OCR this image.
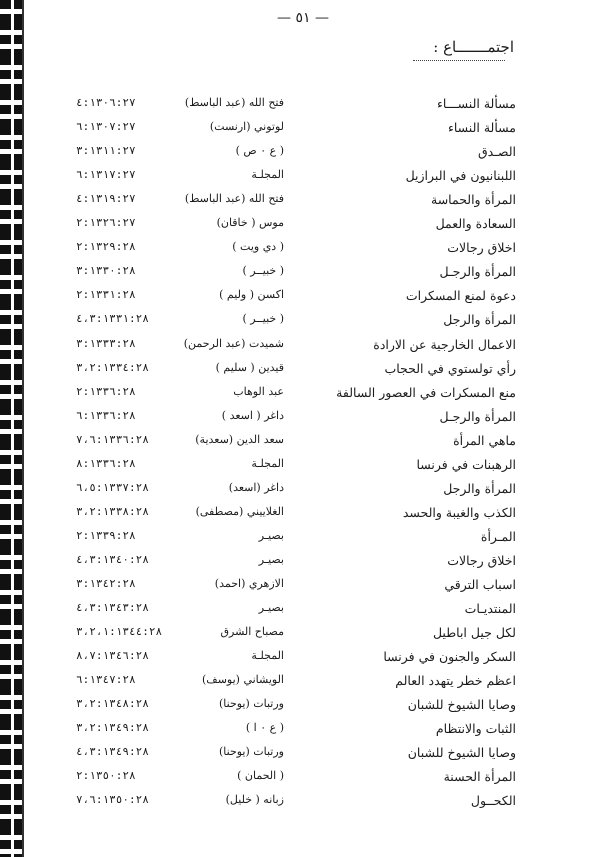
— ٥١ —
اجتمـــــــاع :
مسألة النســـاء
فتح الله (عبد الباسط)
٤:١٣٠٦:٢٧
مسألة النساء
لوتوني (ارنست)
٦:١٣٠٧:٢٧
الصـدق
( ع ٠ ص )
٣:١٣١١:٢٧
اللبنانيون في البرازيل
المجلـة
٦:١٣١٧:٢٧
المرأة والحماسة
فتح الله (عبد الباسط)
٤:١٣١٩:٢٧
السعادة والعمل
موس ( خاقان)
٢:١٣٢٦:٢٧
اخلاق رجالات
( دي ويت )
٢:١٣٢٩:٢٨
المرأة والرجـل
( خبيــر )
٣:١٣٣٠:٢٨
دعوة لمنع المسكرات
اكسن ( وليم )
٢:١٣٣١:٢٨
المرأة والرجل
( خبيــر )
٤،٣:١٣٣١:٢٨
الاعمال الخارجية عن الارادة
شميدت (عبد الرحمن)
٣:١٣٣٣:٢٨
رأي تولستوي في الحجاب
قيدين ( سليم )
٣،٢:١٣٣٤:٢٨
منع المسكرات في العصور السالفة
عبد الوهاب
٢:١٣٣٦:٢٨
المرأة والرجـل
داغر ( اسعد )
٦:١٣٣٦:٢٨
ماهي المرأة
سعد الدين (سعدية)
٧،٦:١٣٣٦:٢٨
الرهبنات في فرنسا
المجلـة
٨:١٣٣٦:٢٨
المرأة والرجل
داغر (اسعد)
٦،٥:١٣٣٧:٢٨
الكذب والغيبة والحسد
الغلاييني (مصطفى)
٣،٢:١٣٣٨:٢٨
المـرأة
بصيـر
٢:١٣٣٩:٢٨
اخلاق رجالات
بصيـر
٤،٣:١٣٤٠:٢٨
اسباب الترقي
الازهري (احمد)
٣:١٣٤٢:٢٨
المنتديـات
بصيـر
٤،٣:١٣٤٣:٢٨
لكل جيل اباطيل
مصباح الشرق
٣،٢،١:١٣٤٤:٢٨
السكر والجنون في فرنسا
المجلـة
٨،٧:١٣٤٦:٢٨
اعظم خطر يتهدد العالم
الويشاني (يوسف)
٦:١٣٤٧:٢٨
وصايا الشيوخ للشبان
ورتبات (يوحنا)
٣،٢:١٣٤٨:٢٨
الثبات والانتظام
( ع ٠ ا )
٣،٢:١٣٤٩:٢٨
وصايا الشيوخ للشبان
ورتبات (يوحنا)
٤،٣:١٣٤٩:٢٨
المرأة الحسنة
( الحمان )
٢:١٣٥٠:٢٨
الكحــول
زبانه ( خليل)
٧،٦:١٣٥٠:٢٨
